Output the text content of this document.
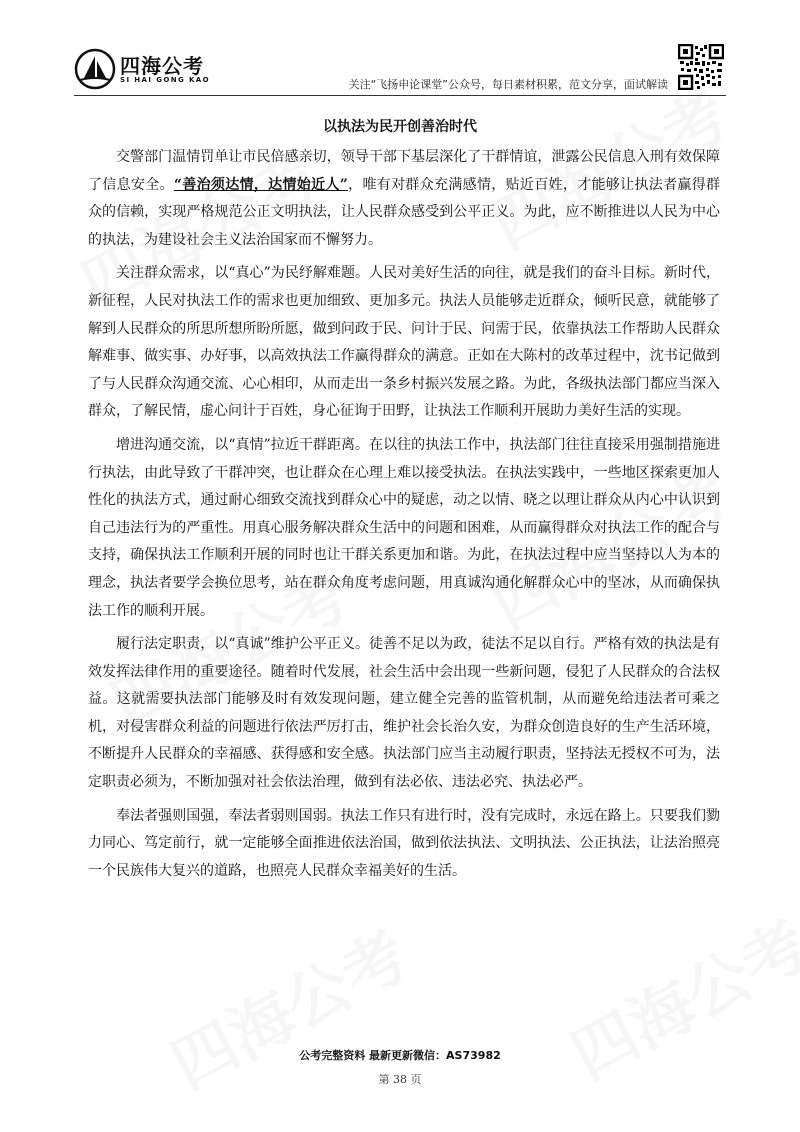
四海公考
SI HAI GONG KAO	关注“飞扬申论课堂”公众号，每日素材积累，范文分享，面试解读
以执法为民开创善治时代

交警部门温情罚单让市民倍感亲切，领导干部下基层深化了干群情谊，泄露公民信息入刑有效保障了信息安全。“善治须达情，达情始近人”，唯有对群众充满感情，贴近百姓，才能够让执法者赢得群众的信赖，实现严格规范公正文明执法，让人民群众感受到公平正义。为此，应不断推进以人民为中心的执法，为建设社会主义法治国家而不懈努力。

关注群众需求，以“真心”为民纾解难题。人民对美好生活的向往，就是我们的奋斗目标。新时代，新征程，人民对执法工作的需求也更加细致、更加多元。执法人员能够走近群众，倾听民意，就能够了解到人民群众的所思所想所盼所愿，做到问政于民、问计于民、问需于民，依靠执法工作帮助人民群众解难事、做实事、办好事，以高效执法工作赢得群众的满意。正如在大陈村的改革过程中，沈书记做到了与人民群众沟通交流、心心相印，从而走出一条乡村振兴发展之路。为此，各级执法部门都应当深入群众，了解民情，虚心问计于百姓，身心征询于田野，让执法工作顺利开展助力美好生活的实现。

增进沟通交流，以“真情”拉近干群距离。在以往的执法工作中，执法部门往往直接采用强制措施进行执法，由此导致了干群冲突，也让群众在心理上难以接受执法。在执法实践中，一些地区探索更加人性化的执法方式，通过耐心细致交流找到群众心中的疑虑，动之以情、晓之以理让群众从内心中认识到自己违法行为的严重性。用真心服务解决群众生活中的问题和困难，从而赢得群众对执法工作的配合与支持，确保执法工作顺利开展的同时也让干群关系更加和谐。为此，在执法过程中应当坚持以人为本的理念，执法者要学会换位思考，站在群众角度考虑问题，用真诚沟通化解群众心中的坚冰，从而确保执法工作的顺利开展。

履行法定职责，以“真诚”维护公平正义。徒善不足以为政，徒法不足以自行。严格有效的执法是有效发挥法律作用的重要途径。随着时代发展，社会生活中会出现一些新问题，侵犯了人民群众的合法权益。这就需要执法部门能够及时有效发现问题，建立健全完善的监管机制，从而避免给违法者可乘之机，对侵害群众利益的问题进行依法严厉打击，维护社会长治久安，为群众创造良好的生产生活环境，不断提升人民群众的幸福感、获得感和安全感。执法部门应当主动履行职责，坚持法无授权不可为，法定职责必须为，不断加强对社会依法治理，做到有法必依、违法必究、执法必严。

奉法者强则国强，奉法者弱则国弱。执法工作只有进行时，没有完成时，永远在路上。只要我们勠力同心、笃定前行，就一定能够全面推进依法治国，做到依法执法、文明执法、公正执法，让法治照亮一个民族伟大复兴的道路，也照亮人民群众幸福美好的生活。

公考完整资料 最新更新微信：AS73982
第 38 页
